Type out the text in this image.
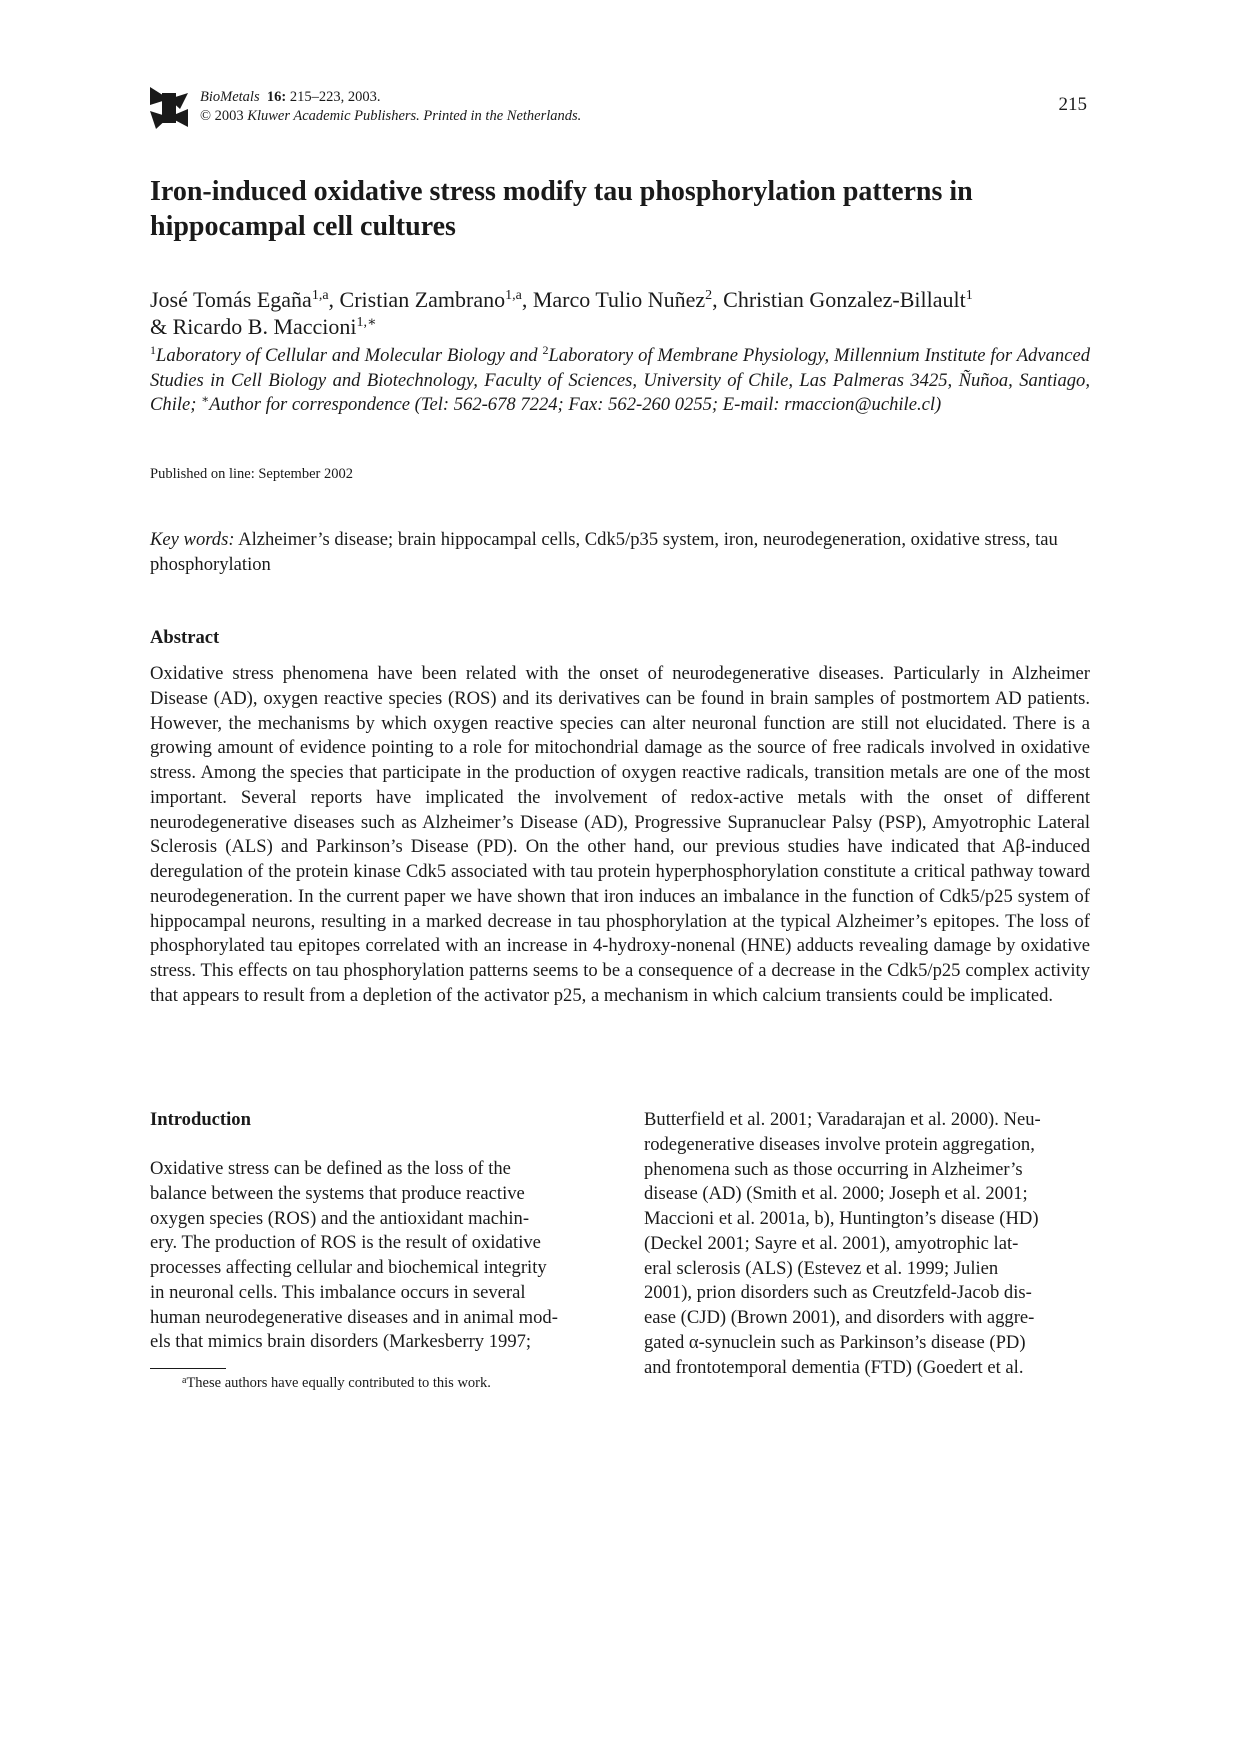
BioMetals 16: 215–223, 2003.
© 2003 Kluwer Academic Publishers. Printed in the Netherlands.
215
Iron-induced oxidative stress modify tau phosphorylation patterns in hippocampal cell cultures
José Tomás Egaña$^{1,a}$, Cristian Zambrano$^{1,a}$, Marco Tulio Nuñez$^2$, Christian Gonzalez-Billault$^1$
& Ricardo B. Maccioni$^{1,∗}$
$^1$Laboratory of Cellular and Molecular Biology and $^2$Laboratory of Membrane Physiology, Millennium Institute for Advanced Studies in Cell Biology and Biotechnology, Faculty of Sciences, University of Chile, Las Palmeras 3425, Ñuñoa, Santiago, Chile; ∗Author for correspondence (Tel: 562-678 7224; Fax: 562-260 0255; E-mail: rmaccion@uchile.cl)
Published on line: September 2002
Key words: Alzheimer’s disease; brain hippocampal cells, Cdk5/p35 system, iron, neurodegeneration, oxidative stress, tau phosphorylation
Abstract

Oxidative stress phenomena have been related with the onset of neurodegenerative diseases. Particularly in Alzheimer Disease (AD), oxygen reactive species (ROS) and its derivatives can be found in brain samples of postmortem AD patients. However, the mechanisms by which oxygen reactive species can alter neuronal function are still not elucidated. There is a growing amount of evidence pointing to a role for mitochondrial damage as the source of free radicals involved in oxidative stress. Among the species that participate in the production of oxygen reactive radicals, transition metals are one of the most important. Several reports have implicated the involvement of redox-active metals with the onset of different neurodegenerative diseases such as Alzheimer’s Disease (AD), Progressive Supranuclear Palsy (PSP), Amyotrophic Lateral Sclerosis (ALS) and Parkinson’s Disease (PD). On the other hand, our previous studies have indicated that Aβ-induced deregulation of the protein kinase Cdk5 associated with tau protein hyperphosphorylation constitute a critical pathway toward neurodegeneration. In the current paper we have shown that iron induces an imbalance in the function of Cdk5/p25 system of hippocampal neurons, resulting in a marked decrease in tau phosphorylation at the typical Alzheimer’s epitopes. The loss of phosphorylated tau epitopes correlated with an increase in 4-hydroxy-nonenal (HNE) adducts revealing damage by oxidative stress. This effects on tau phosphorylation patterns seems to be a consequence of a decrease in the Cdk5/p25 complex activity that appears to result from a depletion of the activator p25, a mechanism in which calcium transients could be implicated.

Introduction

Oxidative stress can be defined as the loss of the
balance between the systems that produce reactive
oxygen species (ROS) and the antioxidant machin-
ery. The production of ROS is the result of oxidative
processes affecting cellular and biochemical integrity
in neuronal cells. This imbalance occurs in several
human neurodegenerative diseases and in animal mod-
els that mimics brain disorders (Markesberry 1997;

Butterfield et al. 2001; Varadarajan et al. 2000). Neu-
rodegenerative diseases involve protein aggregation,
phenomena such as those occurring in Alzheimer’s
disease (AD) (Smith et al. 2000; Joseph et al. 2001;
Maccioni et al. 2001a, b), Huntington’s disease (HD)
(Deckel 2001; Sayre et al. 2001), amyotrophic lat-
eral sclerosis (ALS) (Estevez et al. 1999; Julien
2001), prion disorders such as Creutzfeld-Jacob dis-
ease (CJD) (Brown 2001), and disorders with aggre-
gated α-synuclein such as Parkinson’s disease (PD)
and frontotemporal dementia (FTD) (Goedert et al.

$^a$These authors have equally contributed to this work.
